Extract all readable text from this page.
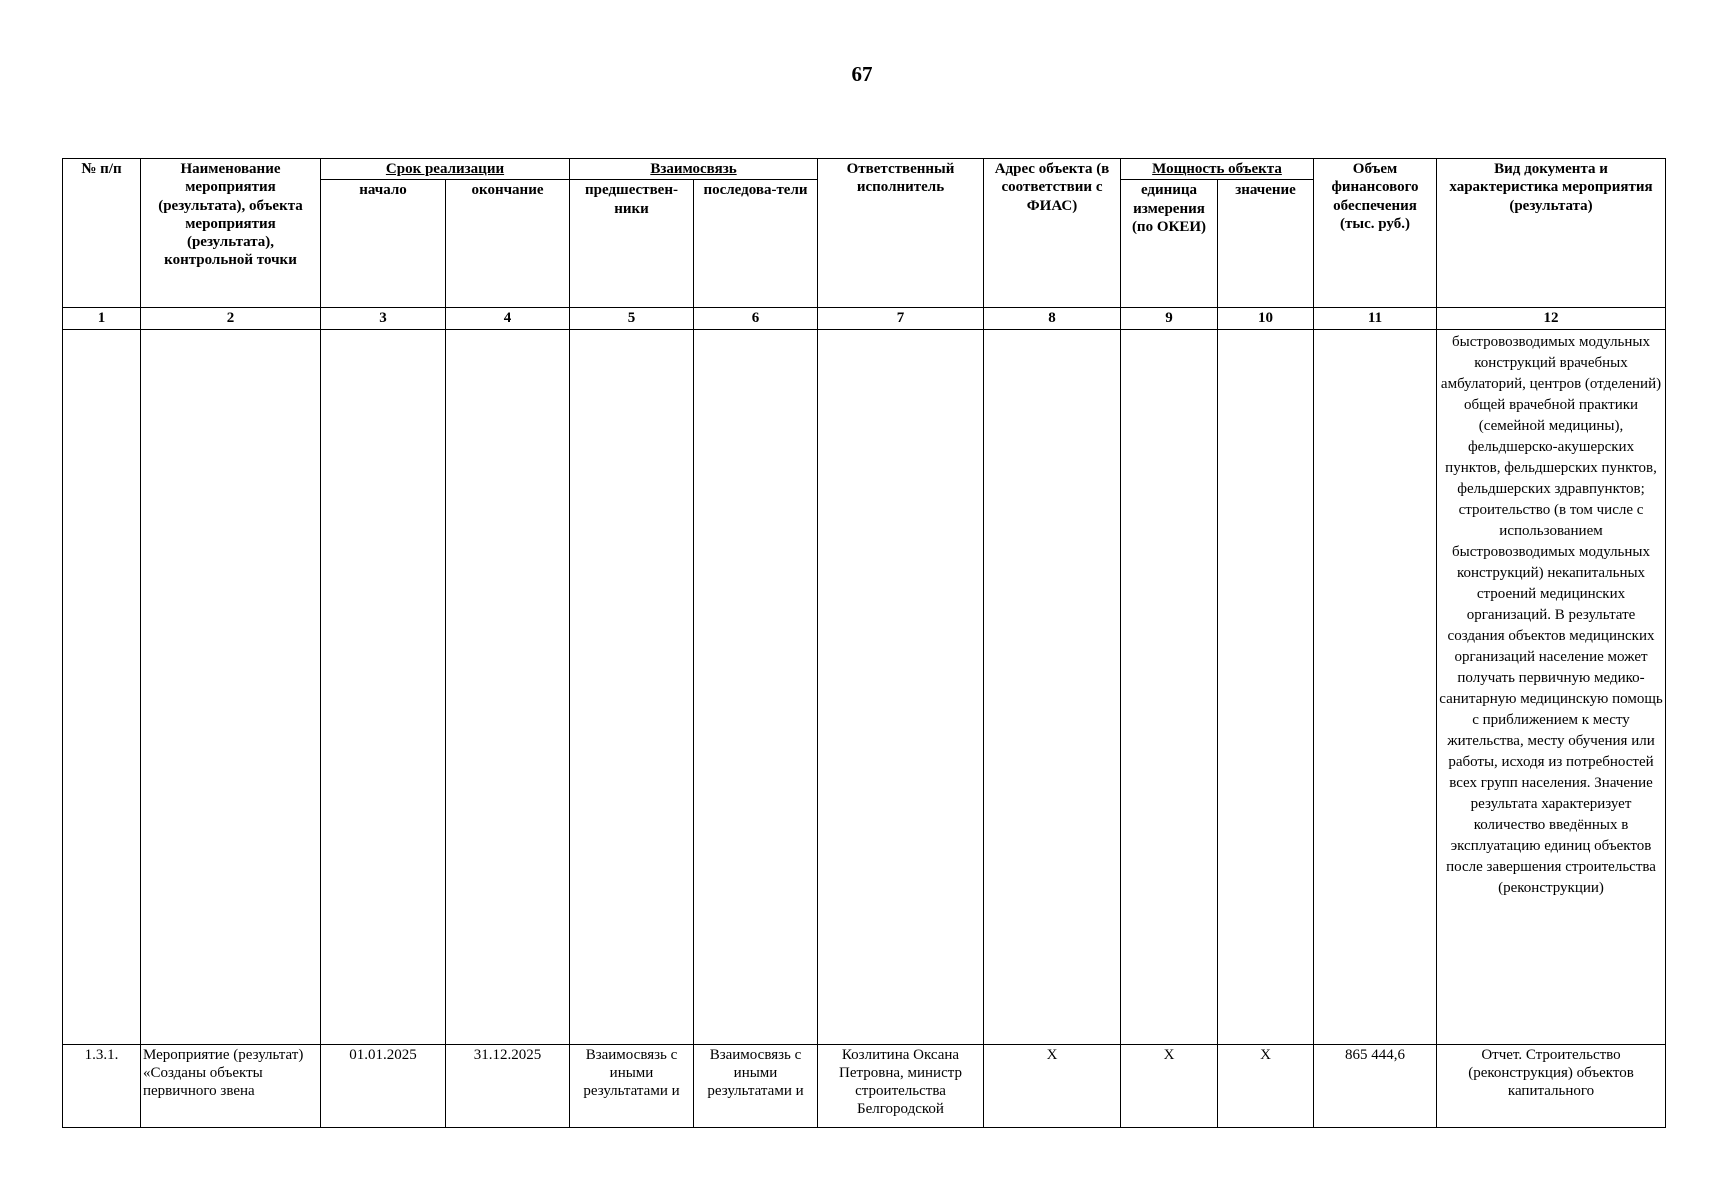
67
№ п/п	Наименование мероприятия (результата), объекта мероприятия (результата), контрольной точки	Срок реализации		Взаимосвязь		Ответственный исполнитель	Адрес объекта (в соответствии с ФИАС)	Мощность объекта		Объем финансового обеспечения (тыс. руб.)	Вид документа и характеристика мероприятия (результата)
		начало	окончание	предшествен-ники	последова-тели			единица измерения (по ОКЕИ)	значение		
1	2	3	4	5	6	7	8	9	10	11	12
											быстровозводимых модульных конструкций врачебных амбулаторий, центров (отделений) общей врачебной практики (семейной медицины), фельдшерско-акушерских пунктов, фельдшерских пунктов, фельдшерских здравпунктов; строительство (в том числе с использованием быстровозводимых модульных конструкций) некапитальных строений медицинских организаций. В результате создания объектов медицинских организаций население может получать первичную медико-санитарную медицинскую помощь с приближением к месту жительства, месту обучения или работы, исходя из потребностей всех групп населения. Значение результата характеризует количество введённых в эксплуатацию единиц объектов после завершения строительства (реконструкции)
1.3.1.	Мероприятие (результат) «Созданы объекты первичного звена	01.01.2025	31.12.2025	Взаимосвязь с иными результатами и	Взаимосвязь с иными результатами и	Козлитина Оксана Петровна, министр строительства Белгородской	X	X	X	865 444,6	Отчет. Строительство (реконструкция) объектов капитального
